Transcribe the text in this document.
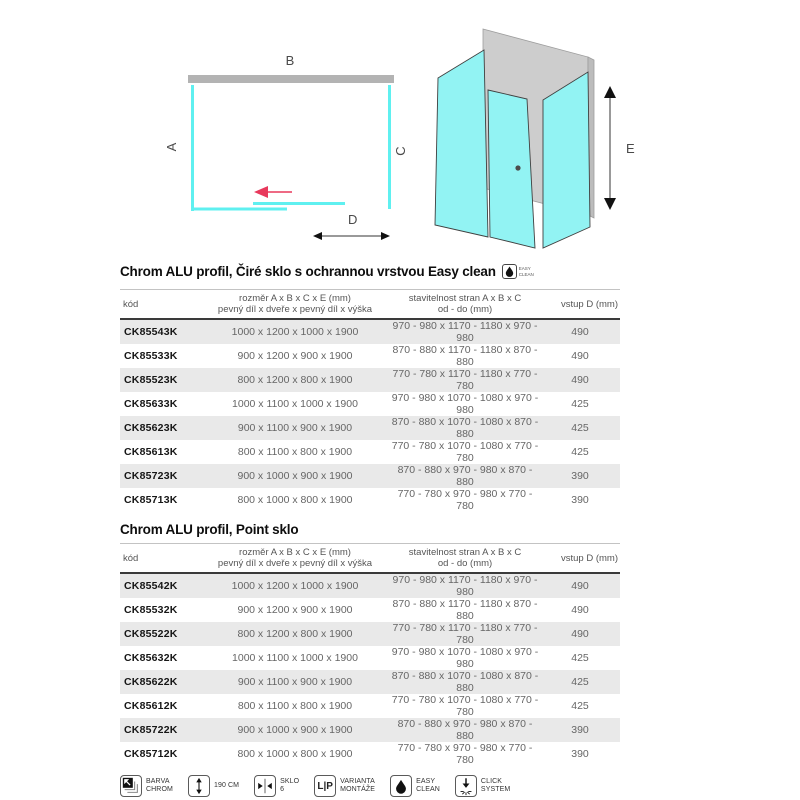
B
A	C
D
E
Chrom ALU profil, Čiré sklo s ochrannou vrstvou Easy clean	EASY
CLEAN
kód	rozměr A x B x C x E (mm)
pevný díl x dveře x pevný díl x výška	stavitelnost stran A x B x C
od - do (mm)	vstup D (mm)
CK85543K	1000 x 1200 x 1000 x 1900	970 - 980 x 1170 - 1180 x 970 - 980	490
CK85533K	900 x 1200 x 900 x 1900	870 - 880 x 1170 - 1180 x 870 - 880	490
CK85523K	800 x 1200 x 800 x 1900	770 - 780 x 1170 - 1180 x 770 - 780	490
CK85633K	1000 x 1100 x 1000 x 1900	970 - 980 x 1070 - 1080 x 970 - 980	425
CK85623K	900 x 1100 x 900 x 1900	870 - 880 x 1070 - 1080 x 870 - 880	425
CK85613K	800 x 1100 x 800 x 1900	770 - 780 x 1070 - 1080 x 770 - 780	425
CK85723K	900 x 1000 x 900 x 1900	870 - 880 x 970 - 980 x 870 - 880	390
CK85713K	800 x 1000 x 800 x 1900	770 - 780 x 970 - 980 x 770 - 780	390
Chrom ALU profil, Point sklo
kód	rozměr A x B x C x E (mm)
pevný díl x dveře x pevný díl x výška	stavitelnost stran A x B x C
od - do (mm)	vstup D (mm)
CK85542K	1000 x 1200 x 1000 x 1900	970 - 980 x 1170 - 1180 x 970 - 980	490
CK85532K	900 x 1200 x 900 x 1900	870 - 880 x 1170 - 1180 x 870 - 880	490
CK85522K	800 x 1200 x 800 x 1900	770 - 780 x 1170 - 1180 x 770 - 780	490
CK85632K	1000 x 1100 x 1000 x 1900	970 - 980 x 1070 - 1080 x 970 - 980	425
CK85622K	900 x 1100 x 900 x 1900	870 - 880 x 1070 - 1080 x 870 - 880	425
CK85612K	800 x 1100 x 800 x 1900	770 - 780 x 1070 - 1080 x 770 - 780	425
CK85722K	900 x 1000 x 900 x 1900	870 - 880 x 970 - 980 x 870 - 880	390
CK85712K	800 x 1000 x 800 x 1900	770 - 780 x 970 - 980 x 770 - 780	390
BARVA
CHROM
190 CM
SKLO
6	L|P VARIANTA
MONTÁŽE
EASY
CLEAN
CLICK
SYSTEM
